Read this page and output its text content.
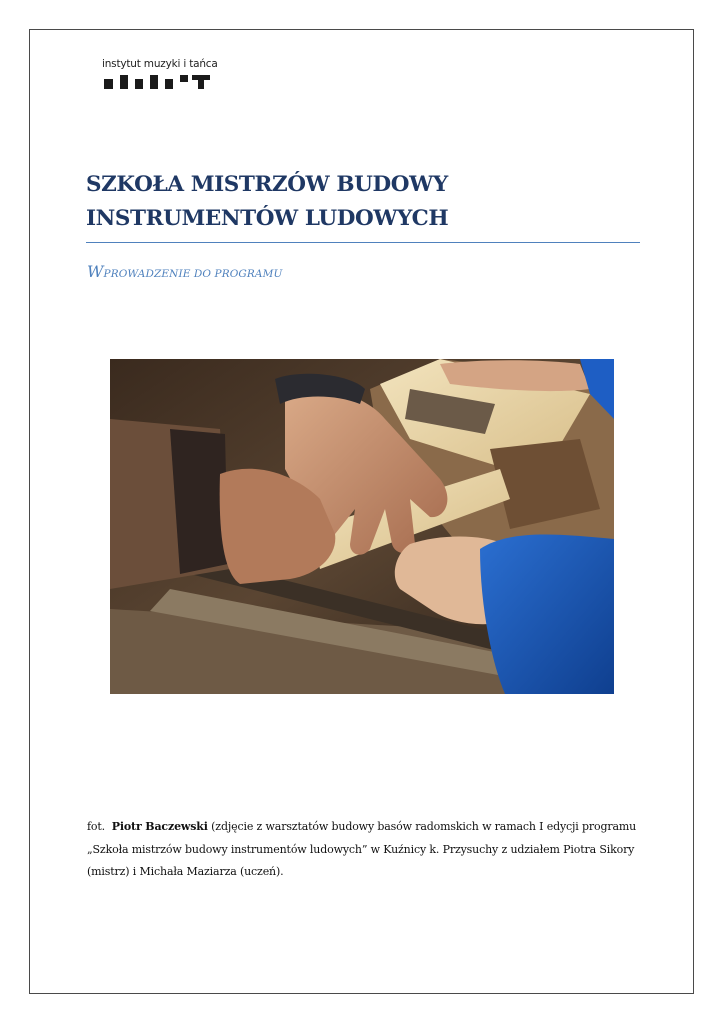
instytut muzyki i tańca
SZKOŁA MISTRZÓW BUDOWY
INSTRUMENTÓW LUDOWYCH
WPROWADZENIE DO PROGRAMU
fot. Piotr Baczewski (zdjęcie z warsztatów budowy basów radomskich w ramach I edycji programu
„Szkoła mistrzów budowy instrumentów ludowych” w Kuźnicy k. Przysuchy z udziałem Piotra Sikory
(mistrz) i Michała Maziarza (uczeń).
